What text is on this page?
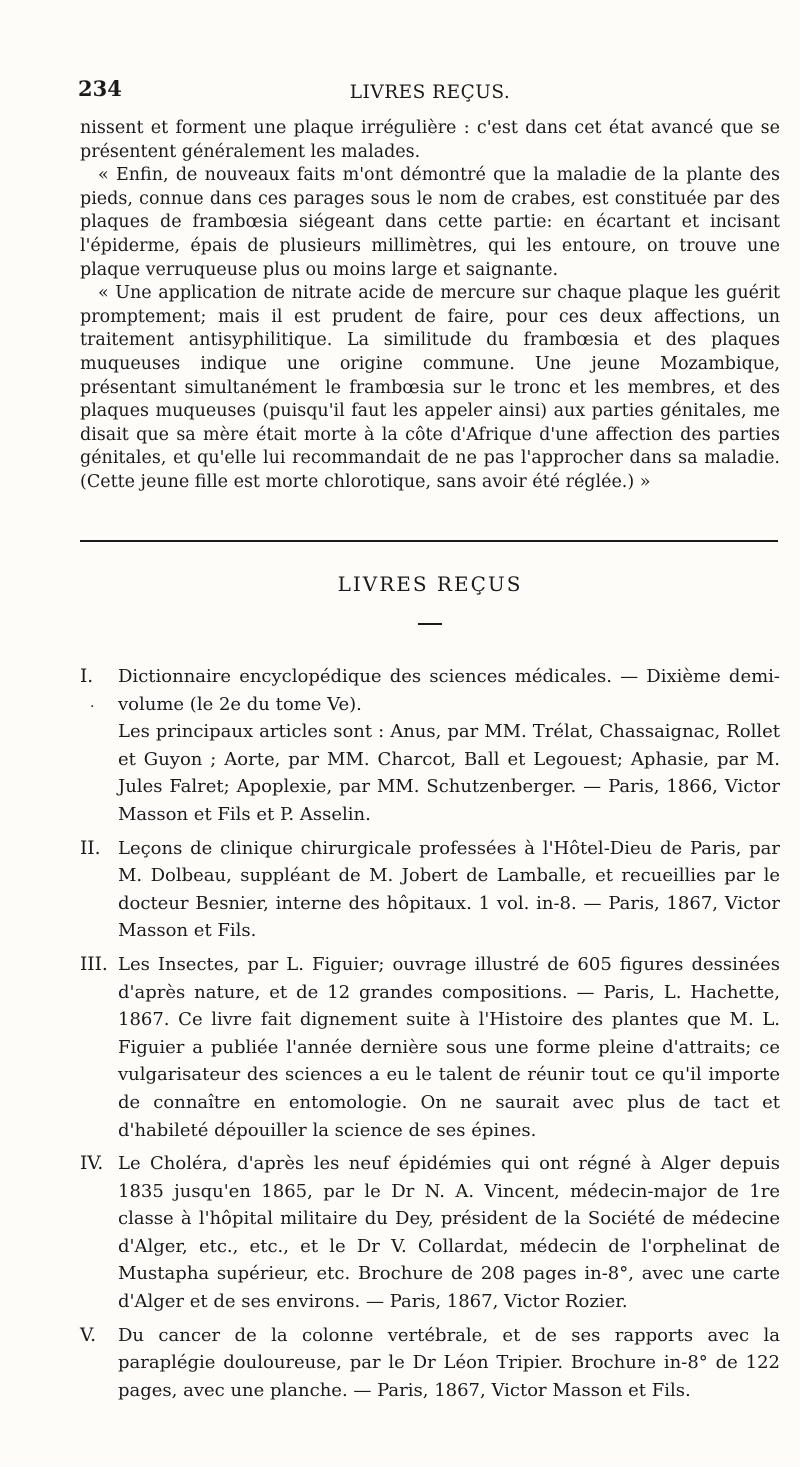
234	LIVRES REÇUS.

nissent et forment une plaque irrégulière : c'est dans cet état avancé que se présentent généralement les malades.

« Enfin, de nouveaux faits m'ont démontré que la maladie de la plante des pieds, connue dans ces parages sous le nom de crabes, est constituée par des plaques de frambœsia siégeant dans cette partie: en écartant et incisant l'épiderme, épais de plusieurs millimètres, qui les entoure, on trouve une plaque verruqueuse plus ou moins large et saignante.

« Une application de nitrate acide de mercure sur chaque plaque les guérit promptement; mais il est prudent de faire, pour ces deux affections, un traitement antisyphilitique. La similitude du frambœsia et des plaques muqueuses indique une origine commune. Une jeune Mozambique, présentant simultanément le frambœsia sur le tronc et les membres, et des plaques muqueuses (puisqu'il faut les appeler ainsi) aux parties génitales, me disait que sa mère était morte à la côte d'Afrique d'une affection des parties génitales, et qu'elle lui recommandait de ne pas l'approcher dans sa maladie. (Cette jeune fille est morte chlorotique, sans avoir été réglée.) »

LIVRES REÇUS
I.
·

Dictionnaire encyclopédique des sciences médicales. — Dixième demi-volume (le 2e du tome Ve).

Les principaux articles sont : Anus, par MM. Trélat, Chassaignac, Rollet et Guyon ; Aorte, par MM. Charcot, Ball et Legouest; Aphasie, par M. Jules Falret; Apoplexie, par MM. Schutzenberger. — Paris, 1866, Victor Masson et Fils et P. Asselin.

II. Leçons de clinique chirurgicale professées à l'Hôtel-Dieu de Paris, par M. Dolbeau, suppléant de M. Jobert de Lamballe, et recueillies par le docteur Besnier, interne des hôpitaux. 1 vol. in-8. — Paris, 1867, Victor Masson et Fils.

III. Les Insectes, par L. Figuier; ouvrage illustré de 605 figures dessinées d'après nature, et de 12 grandes compositions. — Paris, L. Hachette, 1867. Ce livre fait dignement suite à l'Histoire des plantes que M. L. Figuier a publiée l'année dernière sous une forme pleine d'attraits; ce vulgarisateur des sciences a eu le talent de réunir tout ce qu'il importe de connaître en entomologie. On ne saurait avec plus de tact et d'habileté dépouiller la science de ses épines.

IV. Le Choléra, d'après les neuf épidémies qui ont régné à Alger depuis 1835 jusqu'en 1865, par le Dr N. A. Vincent, médecin-major de 1re classe à l'hôpital militaire du Dey, président de la Société de médecine d'Alger, etc., etc., et le Dr V. Collardat, médecin de l'orphelinat de Mustapha supérieur, etc. Brochure de 208 pages in-8°, avec une carte d'Alger et de ses environs. — Paris, 1867, Victor Rozier.

V.	Du cancer de la colonne vertébrale, et de ses rapports avec la paraplégie douloureuse, par le Dr Léon Tripier. Brochure in-8° de 122 pages, avec une planche. — Paris, 1867, Victor Masson et Fils.
